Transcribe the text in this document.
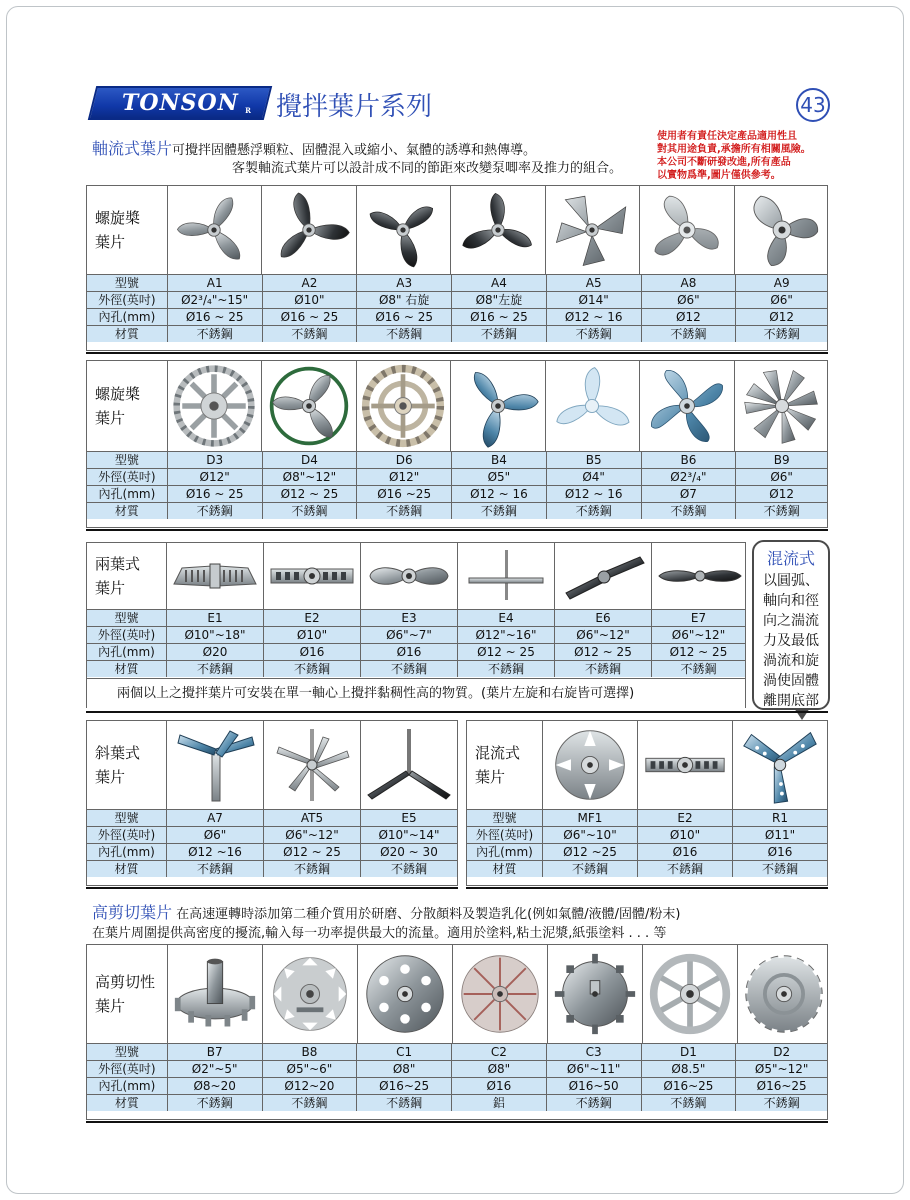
TONSON R 攪拌葉片系列	43
使用者有責任決定產品適用性且
對其用途負責,承擔所有相關風險。
本公司不斷研發改進,所有產品
以實物爲準,圖片僅供參考。
軸流式葉片可攪拌固體懸浮顆粒、固體混入或縮小、氣體的誘導和熱傳導。
客製軸流式葉片可以設計成不同的節距來改變泵唧率及推力的組合。
螺旋槳
葉片
型號	A1	A2	A3	A4	A5	A8	A9
外徑(英吋)	Ø2³/₄"~15"	Ø10"	Ø8" 右旋	Ø8"左旋	Ø14"	Ø6"	Ø6"
內孔(mm)	Ø16 ~ 25	Ø16 ~ 25	Ø16 ~ 25	Ø16 ~ 25	Ø12 ~ 16	Ø12	Ø12
材質	不銹鋼	不銹鋼	不銹鋼	不銹鋼	不銹鋼	不銹鋼	不銹鋼
螺旋槳
葉片
型號	D3	D4	D6	B4	B5	B6	B9
外徑(英吋)	Ø12"	Ø8"~12"	Ø12"	Ø5"	Ø4"	Ø2³/₄"	Ø6"
內孔(mm)	Ø16 ~ 25	Ø12 ~ 25	Ø16 ~25	Ø12 ~ 16	Ø12 ~ 16	Ø7	Ø12
材質	不銹鋼	不銹鋼	不銹鋼	不銹鋼	不銹鋼	不銹鋼	不銹鋼
兩葉式
葉片
型號	E1	E2	E3	E4	E6	E7
外徑(英吋)	Ø10"~18"	Ø10"	Ø6"~7"	Ø12"~16"	Ø6"~12"	Ø6"~12"
內孔(mm)	Ø20	Ø16	Ø16	Ø12 ~ 25	Ø12 ~ 25	Ø12 ~ 25
材質	不銹鋼	不銹鋼	不銹鋼	不銹鋼	不銹鋼	不銹鋼
兩個以上之攪拌葉片可安裝在單一軸心上攪拌黏稠性高的物質。(葉片左旋和右旋皆可選擇)
混流式
以圓弧、
軸向和徑
向之湍流
力及最低
渦流和旋
渦使固體
離開底部
斜葉式
葉片
型號	A7	AT5	E5
外徑(英吋)	Ø6"	Ø6"~12"	Ø10"~14"
內孔(mm)	Ø12 ~16	Ø12 ~ 25	Ø20 ~ 30
材質	不銹鋼	不銹鋼	不銹鋼
混流式
葉片
型號	MF1	E2	R1
外徑(英吋)	Ø6"~10"	Ø10"	Ø11"
內孔(mm)	Ø12 ~25	Ø16	Ø16
材質	不銹鋼	不銹鋼	不銹鋼
高剪切葉片 在高速運轉時添加第二種介質用於研磨、分散顏料及製造乳化(例如氣體/液體/固體/粉末)
在葉片周圍提供高密度的擾流,輸入每一功率提供最大的流量。適用於塗料,粘土泥漿,紙張塗料 . . . 等
高剪切性
葉片
型號	B7	B8	C1	C2	C3	D1	D2
外徑(英吋)	Ø2"~5"	Ø5"~6"	Ø8"	Ø8"	Ø6"~11"	Ø8.5"	Ø5"~12"
內孔(mm)	Ø8~20	Ø12~20	Ø16~25	Ø16	Ø16~50	Ø16~25	Ø16~25
材質	不銹鋼	不銹鋼	不銹鋼	鋁	不銹鋼	不銹鋼	不銹鋼
